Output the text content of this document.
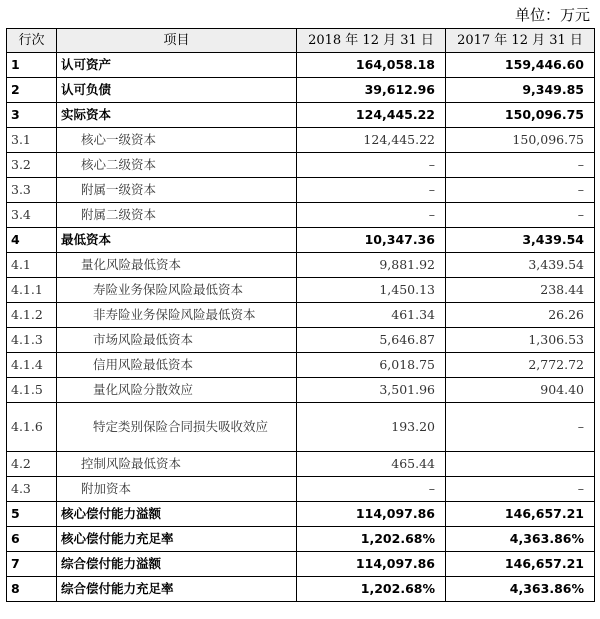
单位：万元
行次	项目	2018 年 12 月 31 日	2017 年 12 月 31 日
1	认可资产	164,058.18	159,446.60
2	认可负债	39,612.96	9,349.85
3	实际资本	124,445.22	150,096.75
3.1	核心一级资本	124,445.22	150,096.75
3.2	核心二级资本	–	–
3.3	附属一级资本	–	–
3.4	附属二级资本	–	–
4	最低资本	10,347.36	3,439.54
4.1	量化风险最低资本	9,881.92	3,439.54
4.1.1	寿险业务保险风险最低资本	1,450.13	238.44
4.1.2	非寿险业务保险风险最低资本	461.34	26.26
4.1.3	市场风险最低资本	5,646.87	1,306.53
4.1.4	信用风险最低资本	6,018.75	2,772.72
4.1.5	量化风险分散效应	3,501.96	904.40
4.1.6	特定类别保险合同损失吸收效应	193.20	–
4.2	控制风险最低资本	465.44	
4.3	附加资本	–	–
5	核心偿付能力溢额	114,097.86	146,657.21
6	核心偿付能力充足率	1,202.68%	4,363.86%
7	综合偿付能力溢额	114,097.86	146,657.21
8	综合偿付能力充足率	1,202.68%	4,363.86%
